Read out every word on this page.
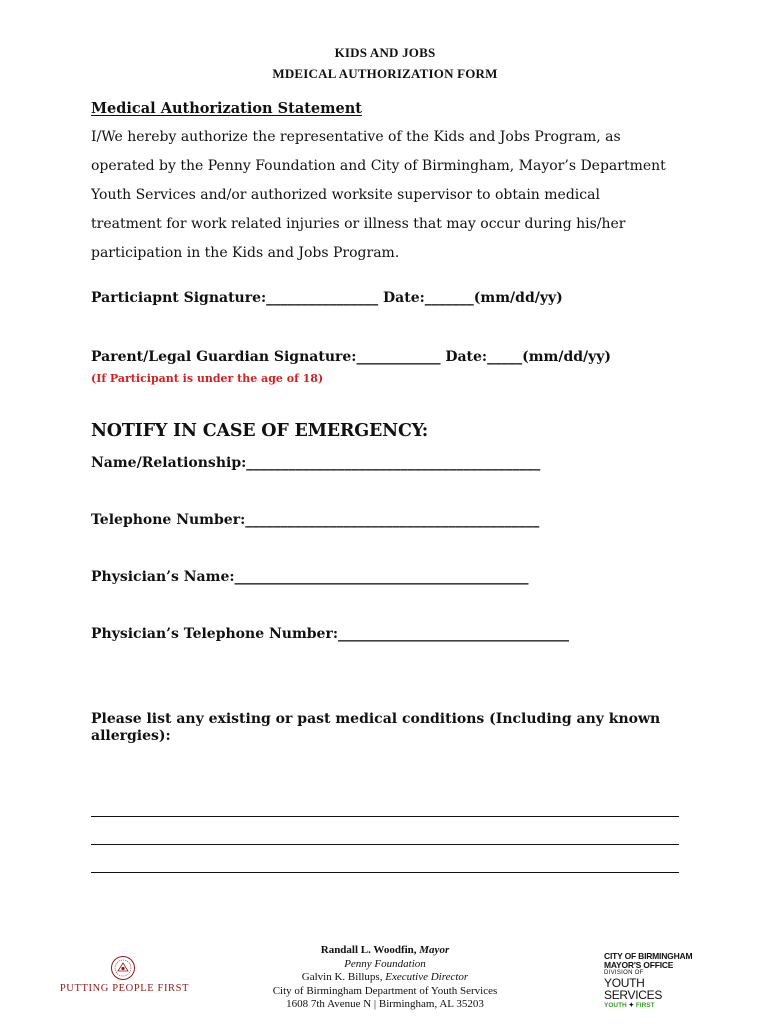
KIDS AND JOBS
MDEICAL AUTHORIZATION FORM
Medical Authorization Statement
I/We hereby authorize the representative of the Kids and Jobs Program, as operated by the Penny Foundation and City of Birmingham, Mayor’s Department Youth Services and/or authorized worksite supervisor to obtain medical treatment for work related injuries or illness that may occur during his/her participation in the Kids and Jobs Program.
Particiapnt Signature:________________ Date:_______(mm/dd/yy)
Parent/Legal Guardian Signature:____________ Date:_____(mm/dd/yy)
(If Participant is under the age of 18)
NOTIFY IN CASE OF EMERGENCY:
Name/Relationship:__________________________________________
Telephone Number:__________________________________________
Physician’s Name:__________________________________________
Physician’s Telephone Number:_________________________________
Please list any existing or past medical conditions (Including any known allergies):
PUTTING PEOPLE FIRST
Randall L. Woodfin, Mayor
Penny Foundation
Galvin K. Billups, Executive Director
City of Birmingham Department of Youth Services
1608 7th Avenue N | Birmingham, AL 35203
CITY OF BIRMINGHAM
MAYOR'S OFFICE
DIVISION OF
YOUTH SERVICES
YOUTH ✦ FIRST
